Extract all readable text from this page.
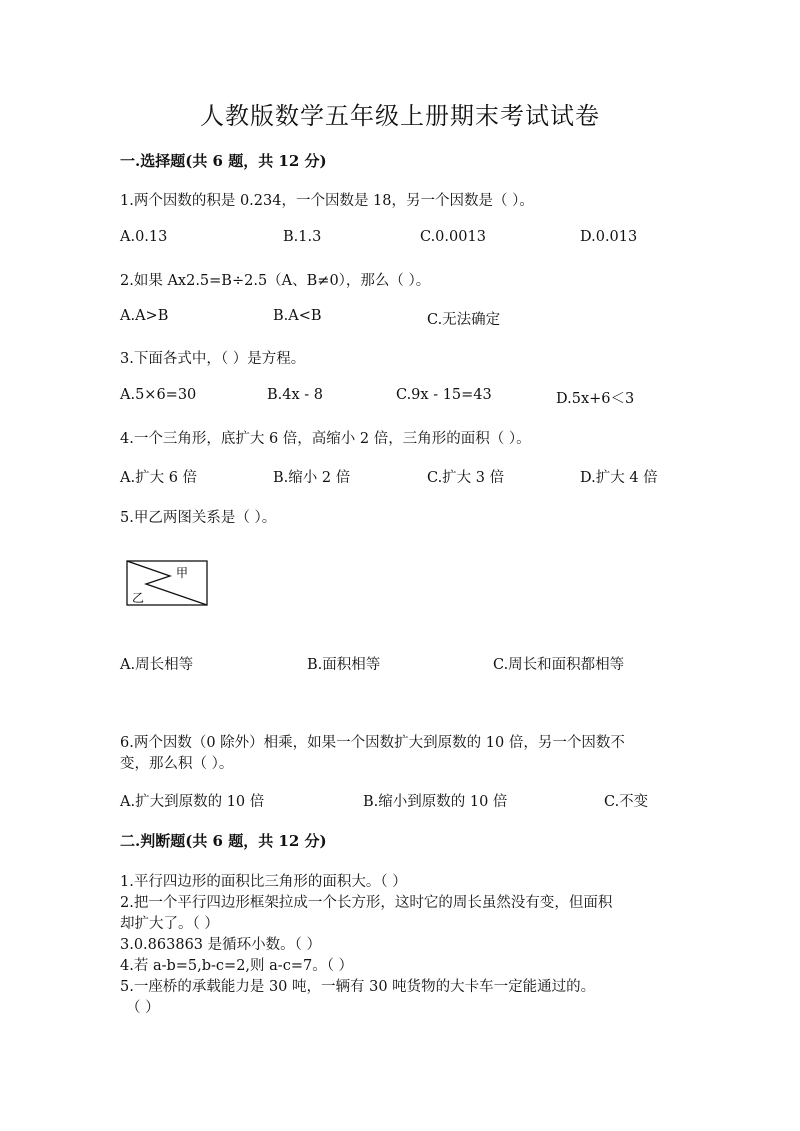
人教版数学五年级上册期末考试试卷
一.选择题(共 6 题，共 12 分)
1.两个因数的积是 0.234，一个因数是 18，另一个因数是（ ）。
A.0.13	B.1.3	C.0.0013	D.0.013
2.如果 Ax2.5=B÷2.5（A、B≠0），那么（ ）。
A.A>B	B.A<B	C.无法确定
3.下面各式中，（ ）是方程。
A.5×6=30	B.4x - 8	C.9x - 15=43	D.5x+6＜3
4.一个三角形，底扩大 6 倍，高缩小 2 倍，三角形的面积（ ）。
A.扩大 6 倍	B.缩小 2 倍	C.扩大 3 倍	D.扩大 4 倍
5.甲乙两图关系是（ ）。
甲
乙
A.周长相等	B.面积相等	C.周长和面积都相等
6.两个因数（0 除外）相乘，如果一个因数扩大到原数的 10 倍，另一个因数不
变，那么积（ ）。
A.扩大到原数的 10 倍	B.缩小到原数的 10 倍	C.不变
二.判断题(共 6 题，共 12 分)
1.平行四边形的面积比三角形的面积大。（ ）
2.把一个平行四边形框架拉成一个长方形，这时它的周长虽然没有变，但面积
却扩大了。（ ）
3.0.863863 是循环小数。（ ）
4.若 a-b=5,b-c=2,则 a-c=7。（ ）
5.一座桥的承载能力是 30 吨，一辆有 30 吨货物的大卡车一定能通过的。
（ ）
